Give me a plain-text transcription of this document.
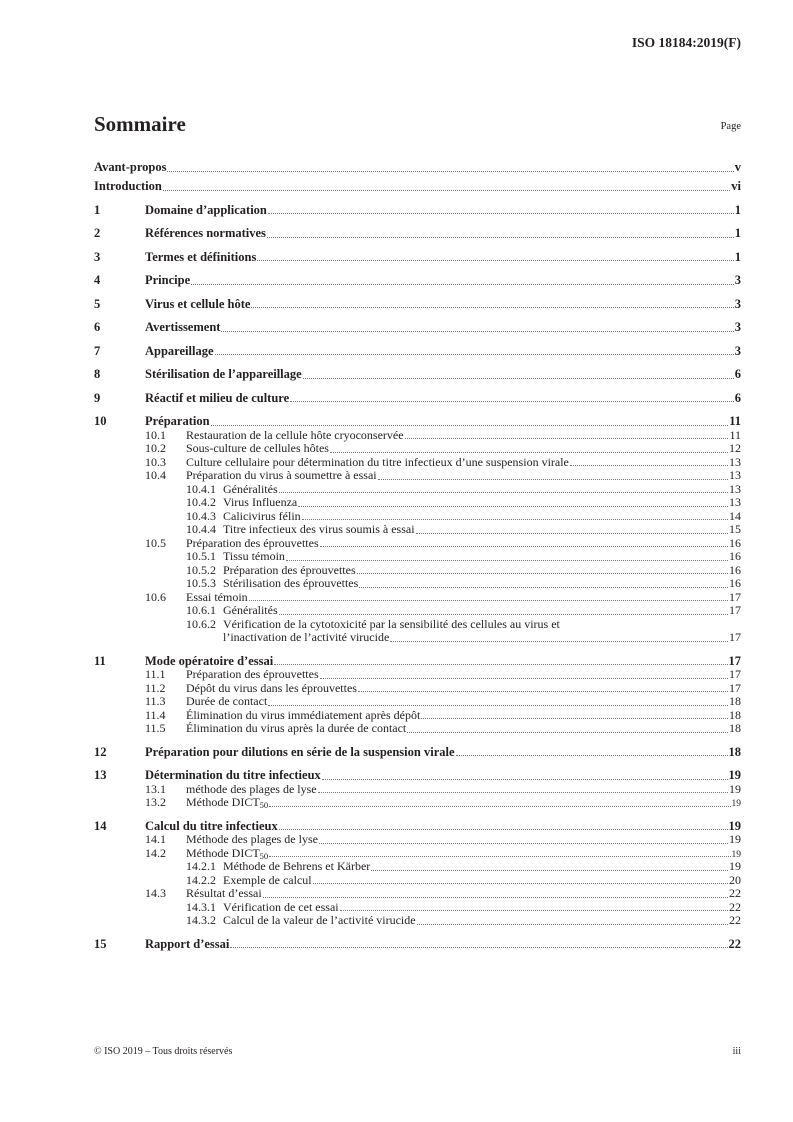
ISO 18184:2019(F)
Sommaire	Page
Avant-propos	v
Introduction	vi
1	Domaine d’application	1
2	Références normatives	1
3	Termes et définitions	1
4	Principe	3
5	Virus et cellule hôte	3
6	Avertissement	3
7	Appareillage	3
8	Stérilisation de l’appareillage	6
9	Réactif et milieu de culture	6
10	Préparation	11
10.1	Restauration de la cellule hôte cryoconservée	11
10.2	Sous-culture de cellules hôtes	12
10.3	Culture cellulaire pour détermination du titre infectieux d’une suspension virale	13
10.4	Préparation du virus à soumettre à essai	13
10.4.1 Généralités	13
10.4.2 Virus Influenza	13
10.4.3 Calicivirus félin	14
10.4.4 Titre infectieux des virus soumis à essai	15
10.5	Préparation des éprouvettes	16
10.5.1 Tissu témoin	16
10.5.2 Préparation des éprouvettes	16
10.5.3 Stérilisation des éprouvettes	16
10.6	Essai témoin	17
10.6.1 Généralités	17
10.6.2 Vérification de la cytotoxicité par la sensibilité des cellules au virus et
l’inactivation de l’activité virucide	17
11	Mode opératoire d’essai	17
11.1	Préparation des éprouvettes	17
11.2	Dépôt du virus dans les éprouvettes	17
11.3	Durée de contact	18
11.4	Élimination du virus immédiatement après dépôt	18
11.5	Élimination du virus après la durée de contact	18
12	Préparation pour dilutions en série de la suspension virale	18
13	Détermination du titre infectieux	19
13.1	méthode des plages de lyse	19
13.2	Méthode $DICT_{50}$	19
14	Calcul du titre infectieux	19
14.1	Méthode des plages de lyse	19
14.2	Méthode $DICT_{50}$	19
14.2.1 Méthode de Behrens et Kärber	19
14.2.2 Exemple de calcul	20
14.3	Résultat d’essai	22
14.3.1 Vérification de cet essai	22
14.3.2 Calcul de la valeur de l’activité virucide	22
15	Rapport d’essai	22
© ISO 2019 – Tous droits réservés	iii
